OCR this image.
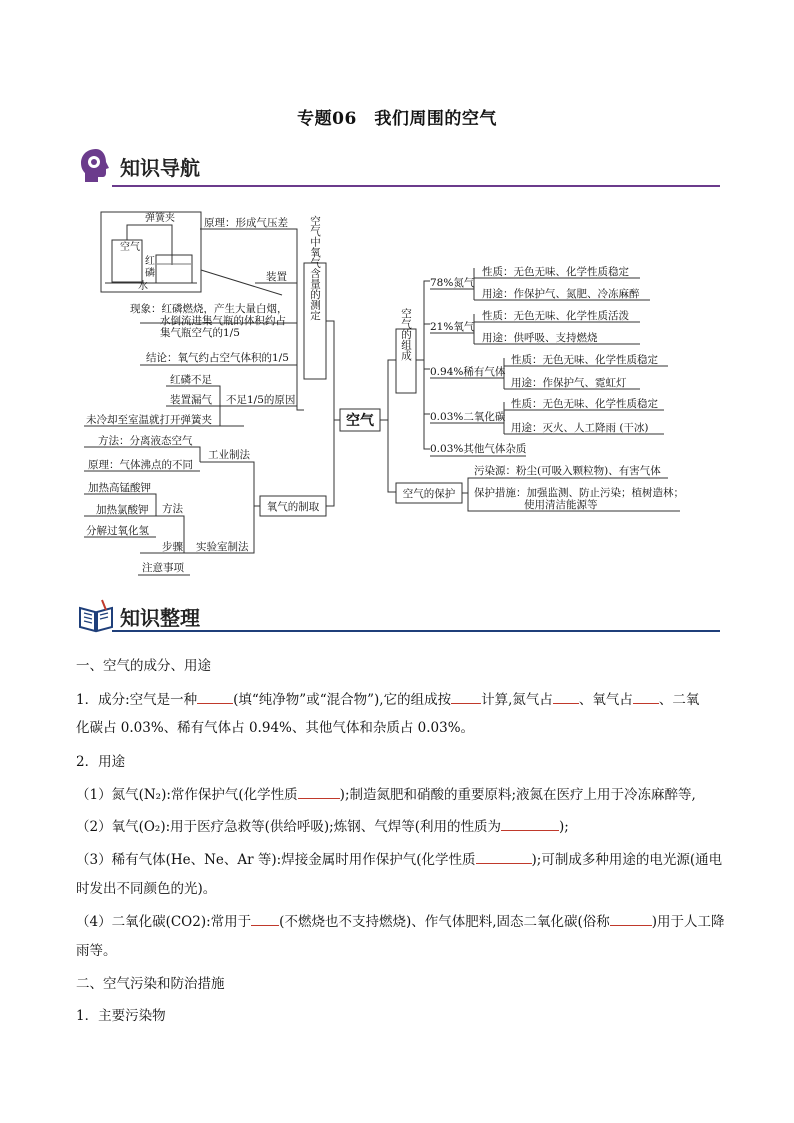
专题06　我们周围的空气
知识导航
弹簧夹
空气
红
磷
水
原理：形成气压差
装置
现象：红磷燃烧，产生大量白烟，
水倒流进集气瓶的体积约占
集气瓶空气的1/5
结论：氧气约占空气体积的1/5
红磷不足
装置漏气 不足1/5的原因
未冷却至室温就打开弹簧夹
空气中氧气含量的测定
空气
空气的组成
78%氮气
性质：无色无味、化学性质稳定
用途：作保护气、氮肥、冷冻麻醉
21%氧气
性质：无色无味、化学性质活泼
用途：供呼吸、支持燃烧
0.94%稀有气体
性质：无色无味、化学性质稳定
用途：作保护气、霓虹灯
0.03%二氧化碳
性质：无色无味、化学性质稳定
用途：灭火、人工降雨 (干冰)
0.03%其他气体杂质
空气的保护
污染源：粉尘(可吸入颗粒物)、有害气体
保护措施：加强监测、防止污染；植树造林；
使用清洁能源等
氧气的制取
工业制法
方法：分离液态空气
原理：气体沸点的不同
实验室制法
方法
加热高锰酸钾
加热氯酸钾
分解过氧化氢
步骤
注意事项
知识整理
一、空气的成分、用途
1．成分:空气是一种	(填“纯净物”或“混合物”),它的组成按 计算,氮气占 、氧气占 、二氧
化碳占 0.03%、稀有气体占 0.94%、其他气体和杂质占 0.03%。
2．用途
（1）氮气(N₂):常作保护气(化学性质	);制造氮肥和硝酸的重要原料;液氮在医疗上用于冷冻麻醉等,
（2）氧气(O₂):用于医疗急救等(供给呼吸);炼钢、气焊等(利用的性质为	);
（3）稀有气体(He、Ne、Ar 等):焊接金属时用作保护气(化学性质	);可制成多种用途的电光源(通电
时发出不同颜色的光)。
（4）二氧化碳(CO2):常用于 (不燃烧也不支持燃烧)、作气体肥料,固态二氧化碳(俗称	)用于人工降
雨等。
二、空气污染和防治措施
1．主要污染物
